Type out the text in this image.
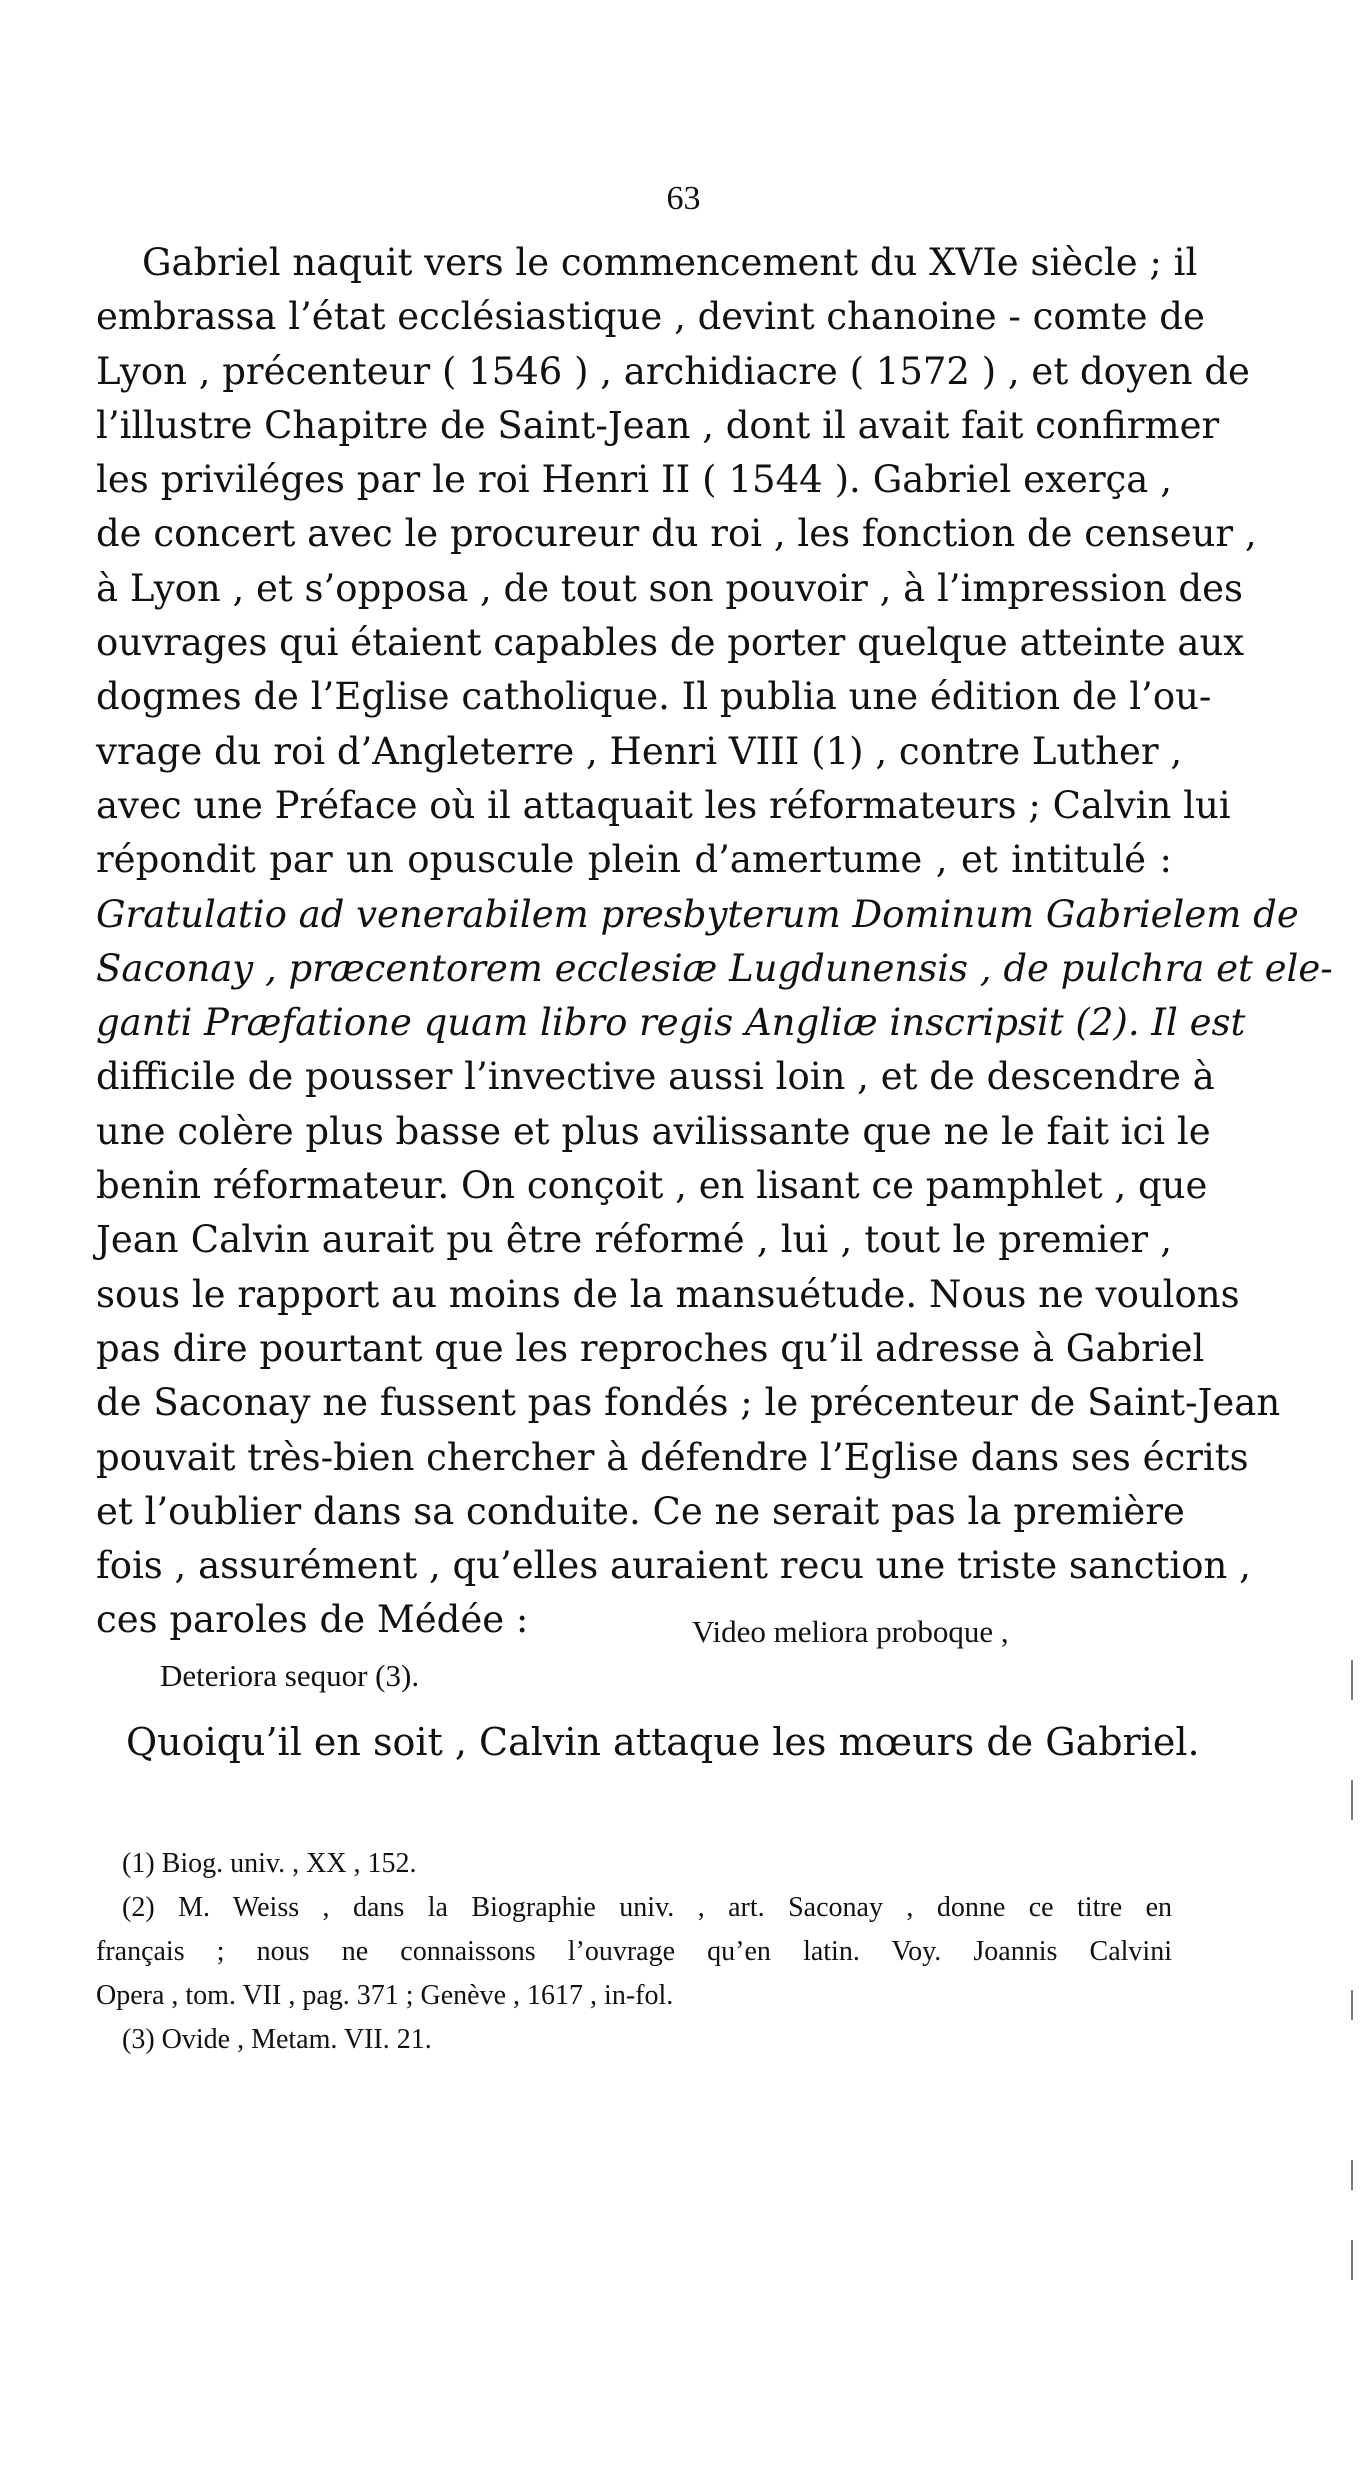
63
Gabriel naquit vers le commencement du XVIe siècle ; il
embrassa l’état ecclésiastique , devint chanoine - comte de
Lyon , précenteur ( 1546 ) , archidiacre ( 1572 ) , et doyen de
l’illustre Chapitre de Saint-Jean , dont il avait fait confirmer
les priviléges par le roi Henri II ( 1544 ). Gabriel exerça ,
de concert avec le procureur du roi , les fonction de censeur ,
à Lyon , et s’opposa , de tout son pouvoir , à l’impression des
ouvrages qui étaient capables de porter quelque atteinte aux
dogmes de l’Eglise catholique. Il publia une édition de l’ou-
vrage du roi d’Angleterre , Henri VIII (1) , contre Luther ,
avec une Préface où il attaquait les réformateurs ; Calvin lui
répondit par un opuscule plein d’amertume , et intitulé :
Gratulatio ad venerabilem presbyterum Dominum Gabrielem de
Saconay , præcentorem ecclesiæ Lugdunensis , de pulchra et ele-
ganti Præfatione quam libro regis Angliæ inscripsit (2). Il est
difficile de pousser l’invective aussi loin , et de descendre à
une colère plus basse et plus avilissante que ne le fait ici le
benin réformateur. On conçoit , en lisant ce pamphlet , que
Jean Calvin aurait pu être réformé , lui , tout le premier ,
sous le rapport au moins de la mansuétude. Nous ne voulons
pas dire pourtant que les reproches qu’il adresse à Gabriel
de Saconay ne fussent pas fondés ; le précenteur de Saint-Jean
pouvait très-bien chercher à défendre l’Eglise dans ses écrits
et l’oublier dans sa conduite. Ce ne serait pas la première
fois , assurément , qu’elles auraient recu une triste sanction ,
ces paroles de Médée :	Video meliora proboque ,
Deteriora sequor (3).
Quoiqu’il en soit , Calvin attaque les mœurs de Gabriel.
(1) Biog. univ. , XX , 152.
(2) M. Weiss , dans la Biographie univ. , art. Saconay , donne ce titre en
français ; nous ne connaissons l’ouvrage qu’en latin. Voy. Joannis Calvini
Opera , tom. VII , pag. 371 ; Genève , 1617 , in-fol.
(3) Ovide , Metam. VII. 21.
